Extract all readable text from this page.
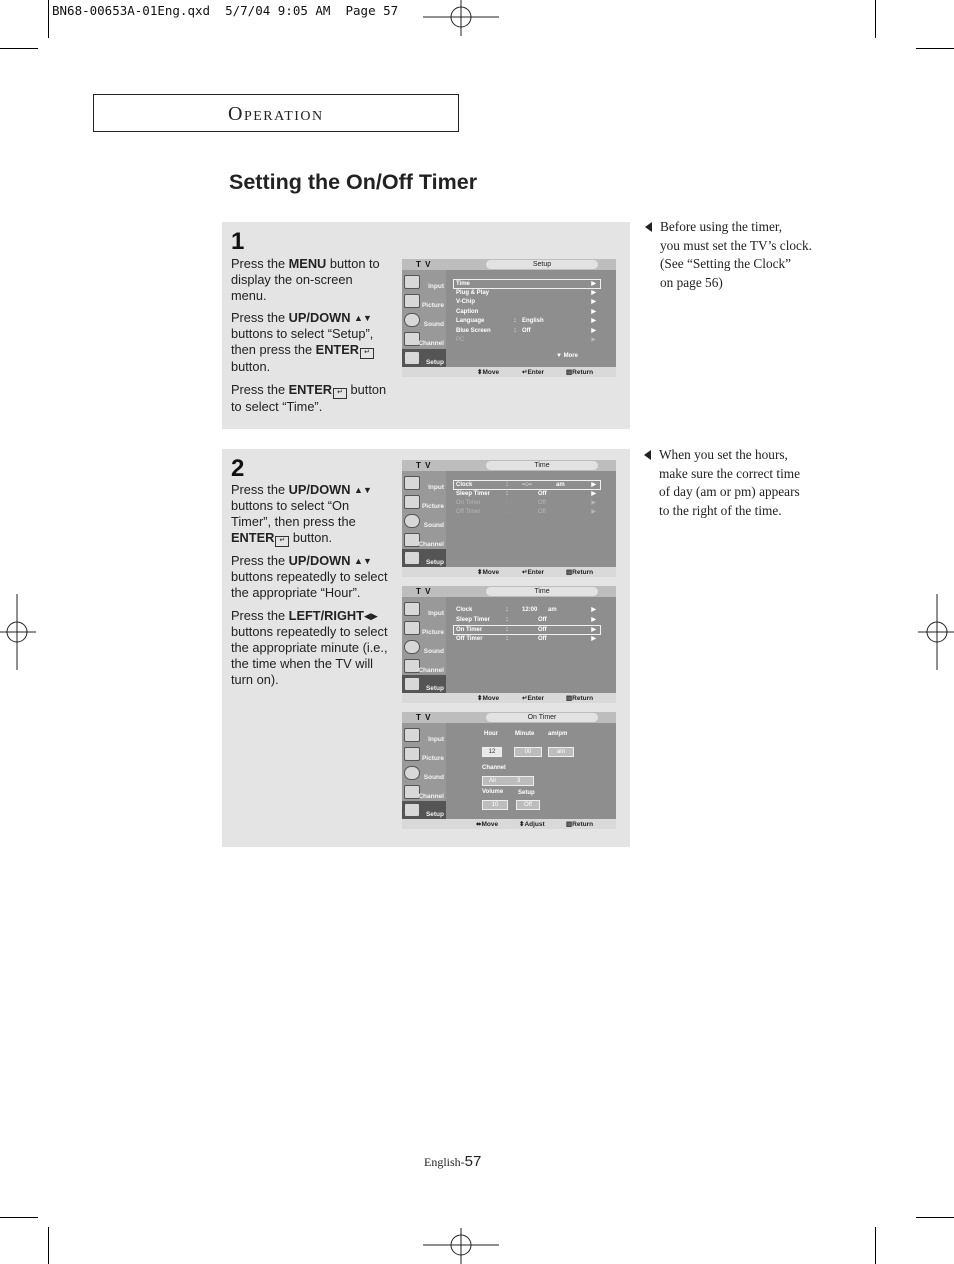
BN68-00653A-01Eng.qxd  5/7/04 9:05 AM  Page 57
OPERATION
Setting the On/Off Timer
1
Press the MENU button to display the on-screen menu.
Press the UP/DOWN ▲▼ buttons to select “Setup”, then press the ENTER ↵ button.
Press the ENTER ↵ button to select “Time”.
T V	Setup
Input
Picture
Sound
Channel
Setup
Time	▶
Plug & Play	▶
V-Chip	▶
Caption	▶
Language	: English	▶
Blue Screen	: Off	▶
PC	▶
▼ More
⬍ Move	↵ Enter	▥ Return
Before using the timer,
you must set the TV’s clock.
(See “Setting the Clock”
on page 56)
2
Press the UP/DOWN ▲▼ buttons to select “On Timer”, then press the ENTER ↵ button.
Press the UP/DOWN ▲▼ buttons repeatedly to select the appropriate “Hour”.
Press the LEFT/RIGHT◀▶ buttons repeatedly to select the appropriate minute (i.e., the time when the TV will turn on).
T V	Time
Input
Picture
Sound
Channel
Setup
Clock	: --:--	am	▶
Sleep Timer	:	Off	▶
On Timer	:	Off	▶
Off Timer	:	Off	▶
⬍ Move	↵ Enter	▥ Return
T V	Time
Input
Picture
Sound
Channel
Setup
Clock	: 12:00 am	▶
Sleep Timer	:	Off	▶
On Timer	:	Off	▶
Off Timer	:	Off	▶
⬍ Move	↵ Enter	▥ Return
T V	On Timer
Input
Picture
Sound
Channel
Setup
Hour	Minute am/pm
12	00	am
Channel
Air	3
Volume Setup
10	Off
⬌ Move	⬍ Adjust	▥ Return
When you set the hours,
make sure the correct time
of day (am or pm) appears
to the right of the time.
English-57
